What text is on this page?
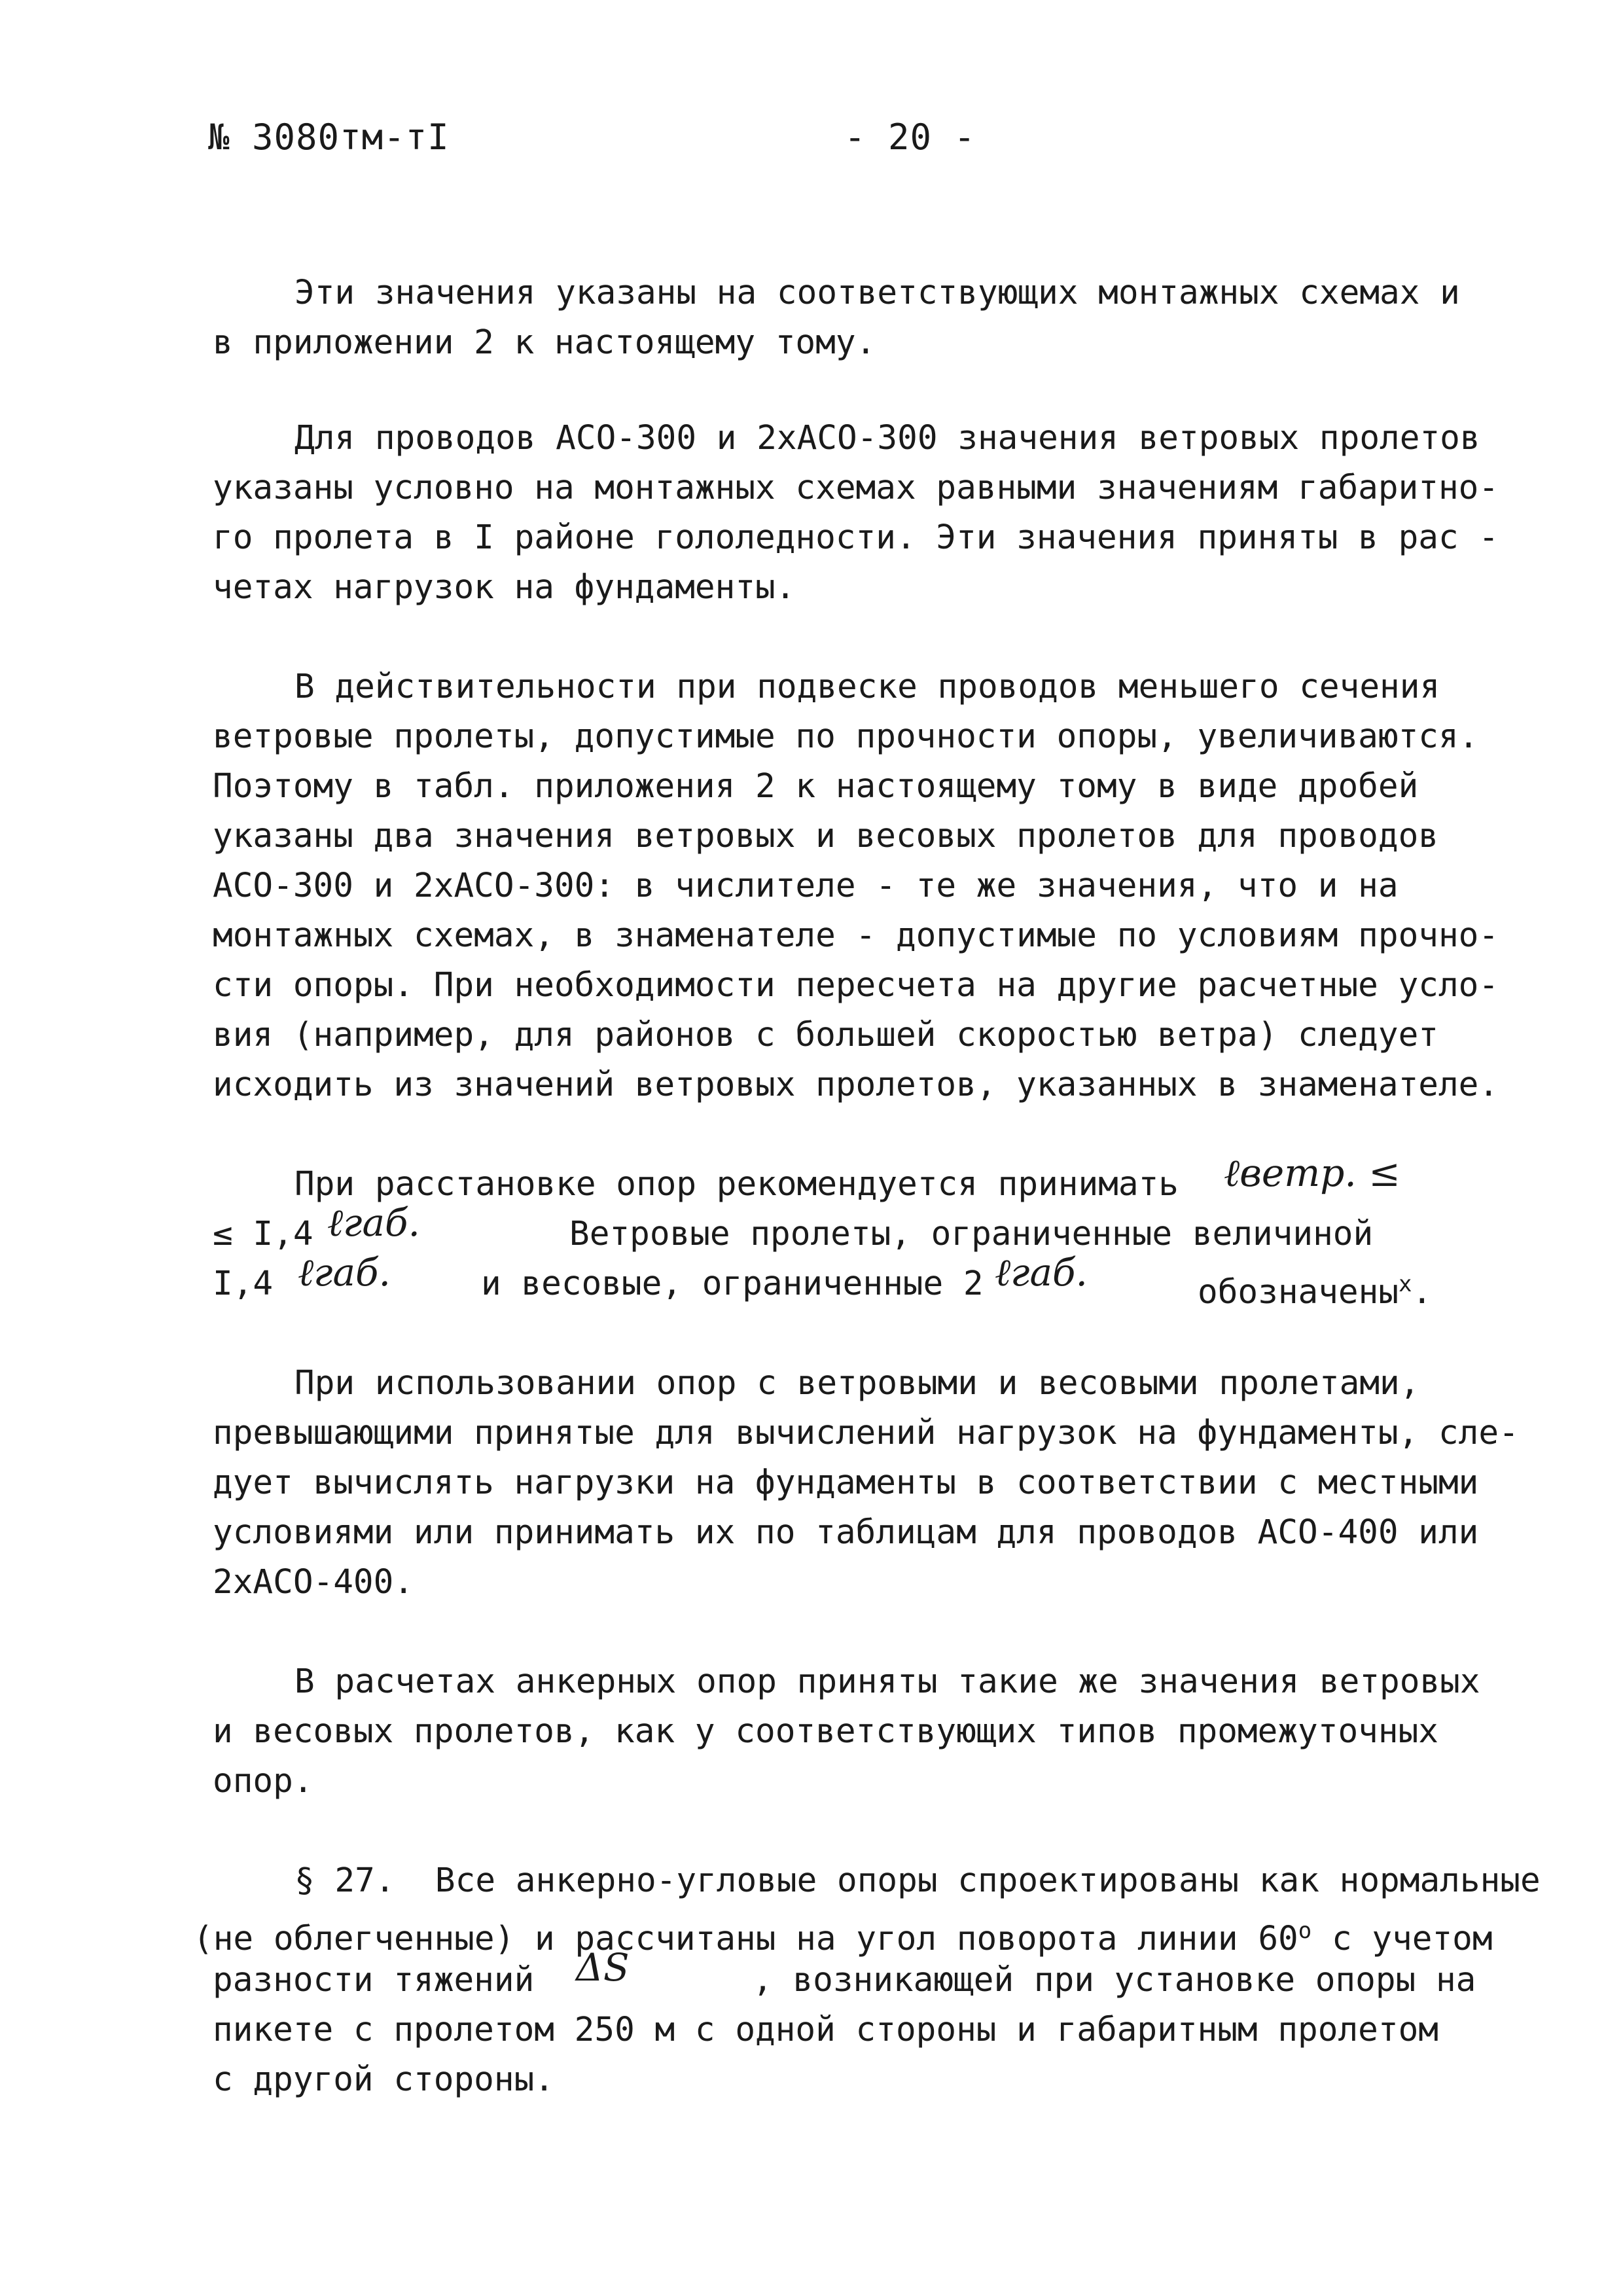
№ 3080тм-тI	- 20 -
Эти значения указаны на соответствующих монтажных схемах и
в приложении 2 к настоящему тому.
Для проводов АСО-300 и 2хАСО-300 значения ветровых пролетов
указаны условно на монтажных схемах равными значениям габаритно-
го пролета в I районе гололедности. Эти значения приняты в рас -
четах нагрузок на фундаменты.
В действительности при подвеске проводов меньшего сечения
ветровые пролеты, допустимые по прочности опоры, увеличиваются.
Поэтому в табл. приложения 2 к настоящему тому в виде дробей
указаны два значения ветровых и весовых пролетов для проводов
АСО-300 и 2хАСО-300: в числителе - те же значения, что и на
монтажных схемах, в знаменателе - допустимые по условиям прочно-
сти опоры. При необходимости пересчета на другие расчетные усло-
вия (например, для районов с большей скоростью ветра) следует
исходить из значений ветровых пролетов, указанных в знаменателе.
При расстановке опор рекомендуется принимать	ℓветр. ≤
≤ I,4 ℓгаб.	Ветровые пролеты, ограниченные величиной
I,4 ℓгаб.	и весовые, ограниченные 2 ℓгаб.	обозначены$^х$.
При использовании опор с ветровыми и весовыми пролетами,
превышающими принятые для вычислений нагрузок на фундаменты, сле-
дует вычислять нагрузки на фундаменты в соответствии с местными
условиями или принимать их по таблицам для проводов АСО-400 или
2хАСО-400.
В расчетах анкерных опор приняты такие же значения ветровых
и весовых пролетов, как у соответствующих типов промежуточных
опор.
§ 27.  Все анкерно-угловые опоры спроектированы как нормальные
(не облегченные) и рассчитаны на угол поворота линии $60^о$ с учетом
разности тяжений	ΔS	, возникающей при установке опоры на
пикете с пролетом 250 м с одной стороны и габаритным пролетом
с другой стороны.
